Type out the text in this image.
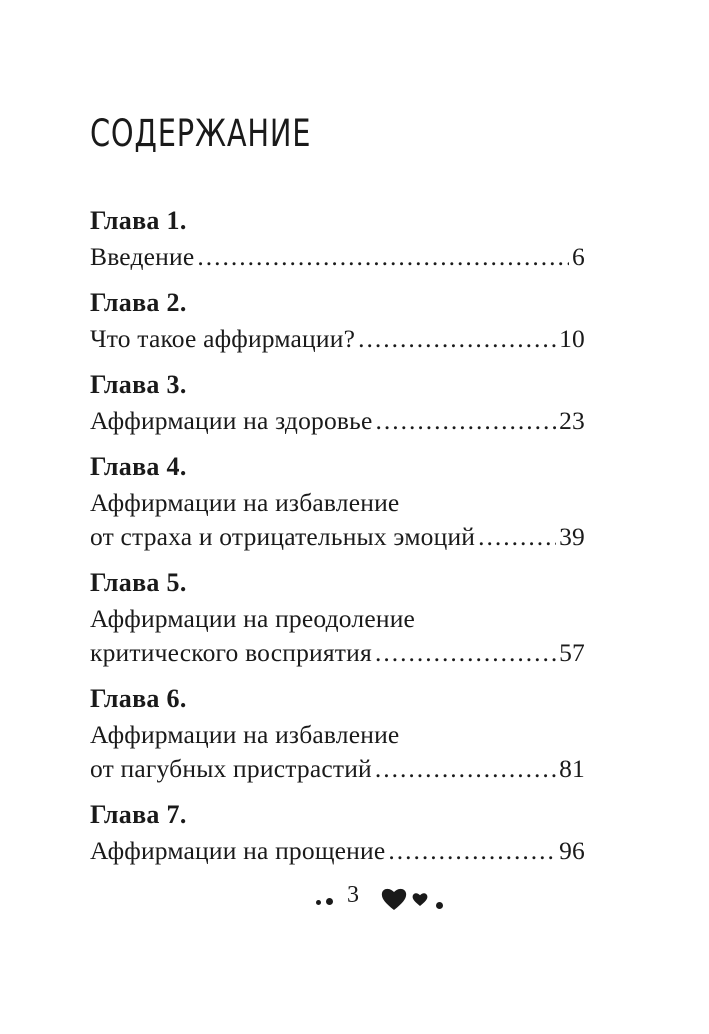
СОДЕРЖАНИЕ
Глава 1.
Введение .....	6
Глава 2.
Что такое аффирмации? .....	10
Глава 3.
Аффирмации на здоровье .....	23
Глава 4.
Аффирмации на избавление
от страха и отрицательных эмоций .....	39
Глава 5.
Аффирмации на преодоление
критического восприятия .....	57
Глава 6.
Аффирмации на избавление
от пагубных пристрастий .....	81
Глава 7.
Аффирмации на прощение .....	96
3
